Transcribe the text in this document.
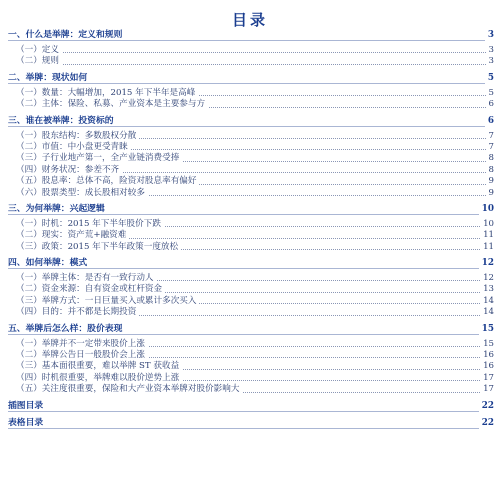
目录
一、什么是举牌：定义和规则	3
（一）定义	3
（二）规则	3
二、举牌：现状如何	5
（一）数量：大幅增加，2015 年下半年是高峰	5
（二）主体：保险、私募、产业资本是主要参与方	6
三、谁在被举牌：投资标的	6
（一）股东结构：多数股权分散	7
（二）市值：中小盘更受青睐	7
（三）子行业地产第一，全产业链消费受捧	8
（四）财务状况：参差不齐	8
（五）股息率：总体不高，险资对股息率有偏好	9
（六）股票类型：成长股相对较多	9
三、为何举牌：兴起逻辑	10
（一）时机：2015 年下半年股价下跌	10
（二）现实：资产荒+融资难	11
（三）政策：2015 年下半年政策一度放松	11
四、如何举牌：模式	12
（一）举牌主体：是否有一致行动人	12
（二）资金来源：自有资金或杠杆资金	13
（三）举牌方式：一日巨量买入或累计多次买入	14
（四）目的：并不都是长期投资	14
五、举牌后怎么样：股价表现	15
（一）举牌并不一定带来股价上涨	15
（二）举牌公告日一般股价会上涨	16
（三）基本面很重要，难以举牌 ST 获收益	16
（四）时机很重要，举牌难以股价逆势上涨	17
（五）关注度很重要，保险和大产业资本举牌对股价影响大	17
插图目录	22
表格目录	22
